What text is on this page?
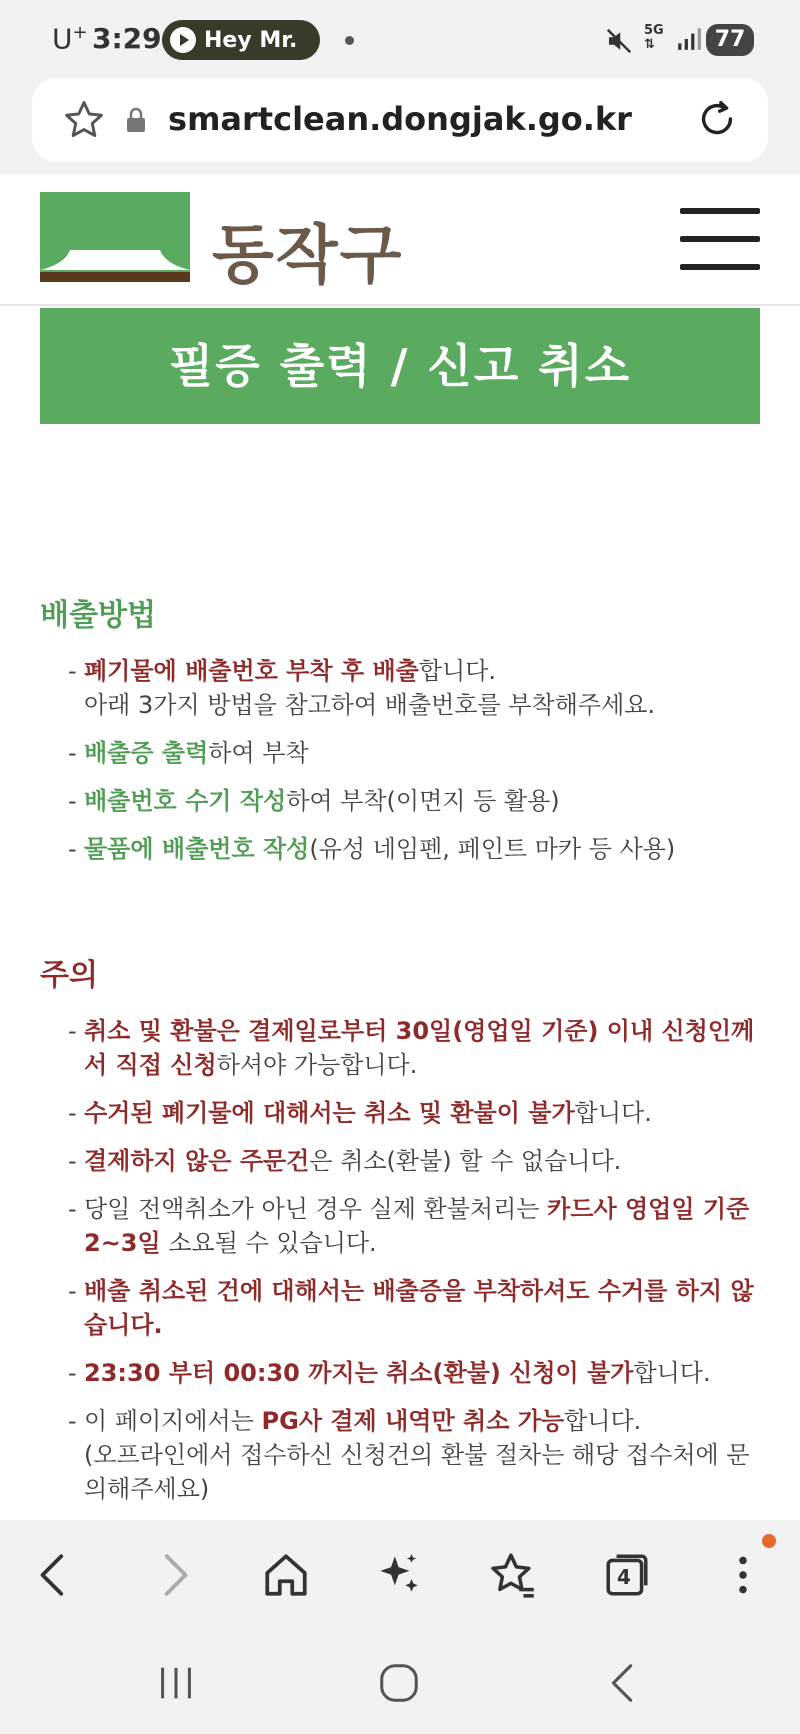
U+ 3:29 Hey Mr.	5G
⇅	77
smartclean.dongjak.go.kr
동작구
필증 출력 / 신고 취소
배출방법
- 폐기물에 배출번호 부착 후 배출합니다.
아래 3가지 방법을 참고하여 배출번호를 부착해주세요.
- 배출증 출력하여 부착
- 배출번호 수기 작성하여 부착(이면지 등 활용)
- 물품에 배출번호 작성(유성 네임펜, 페인트 마카 등 사용)
주의
- 취소 및 환불은 결제일로부터 30일(영업일 기준) 이내 신청인께서 직접 신청하셔야 가능합니다.
- 수거된 폐기물에 대해서는 취소 및 환불이 불가합니다.
- 결제하지 않은 주문건은 취소(환불) 할 수 없습니다.
- 당일 전액취소가 아닌 경우 실제 환불처리는 카드사 영업일 기준 2~3일 소요될 수 있습니다.
- 배출 취소된 건에 대해서는 배출증을 부착하셔도 수거를 하지 않습니다.
- 23:30 부터 00:30 까지는 취소(환불) 신청이 불가합니다.
- 이 페이지에서는 PG사 결제 내역만 취소 가능합니다.
(오프라인에서 접수하신 신청건의 환불 절차는 해당 접수처에 문의해주세요)
4
